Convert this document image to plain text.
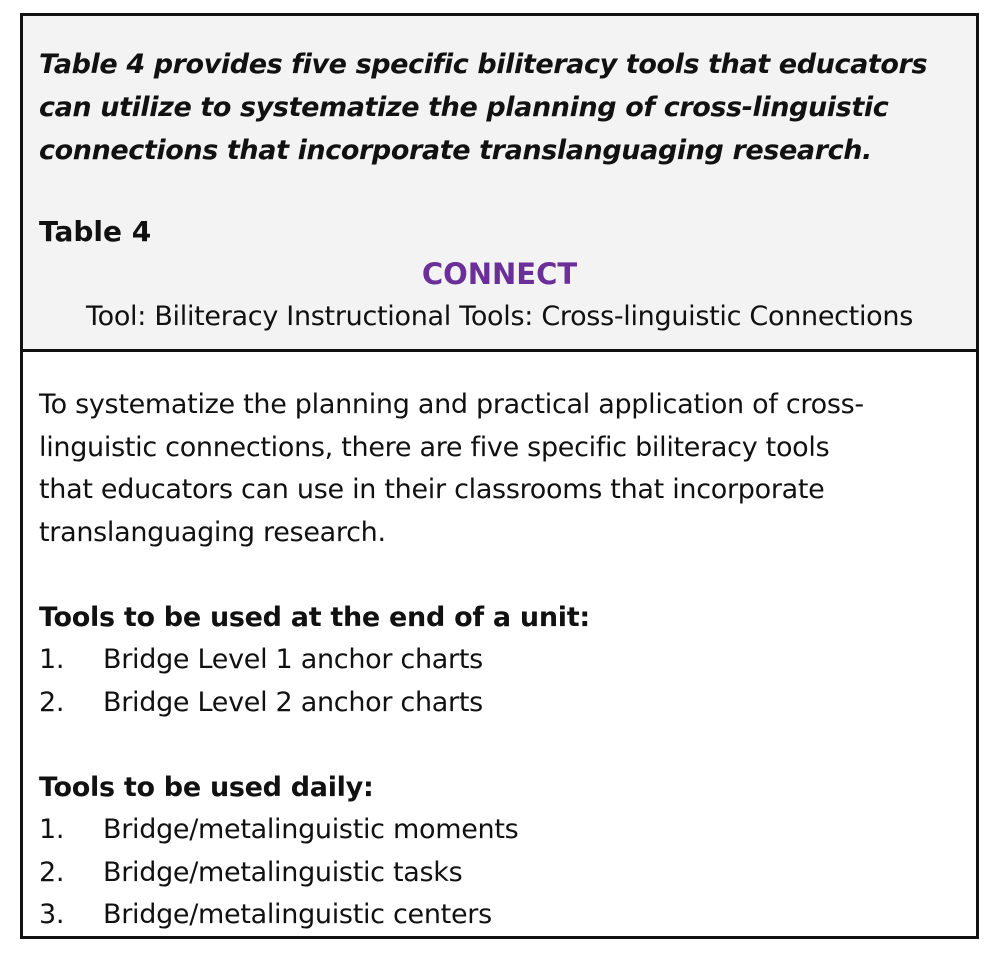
Table 4 provides five specific biliteracy tools that educators can utilize to systematize the planning of cross-linguistic connections that incorporate translanguaging research.

Table 4

CONNECT

Tool: Biliteracy Instructional Tools: Cross-linguistic Connections

To systematize the planning and practical application of cross-
linguistic connections, there are five specific biliteracy tools
that educators can use in their classrooms that incorporate
translanguaging research.

Tools to be used at the end of a unit:

1.	Bridge Level 1 anchor charts
2.	Bridge Level 2 anchor charts

Tools to be used daily:

1.	Bridge/metalinguistic moments
2.	Bridge/metalinguistic tasks
3.	Bridge/metalinguistic centers
